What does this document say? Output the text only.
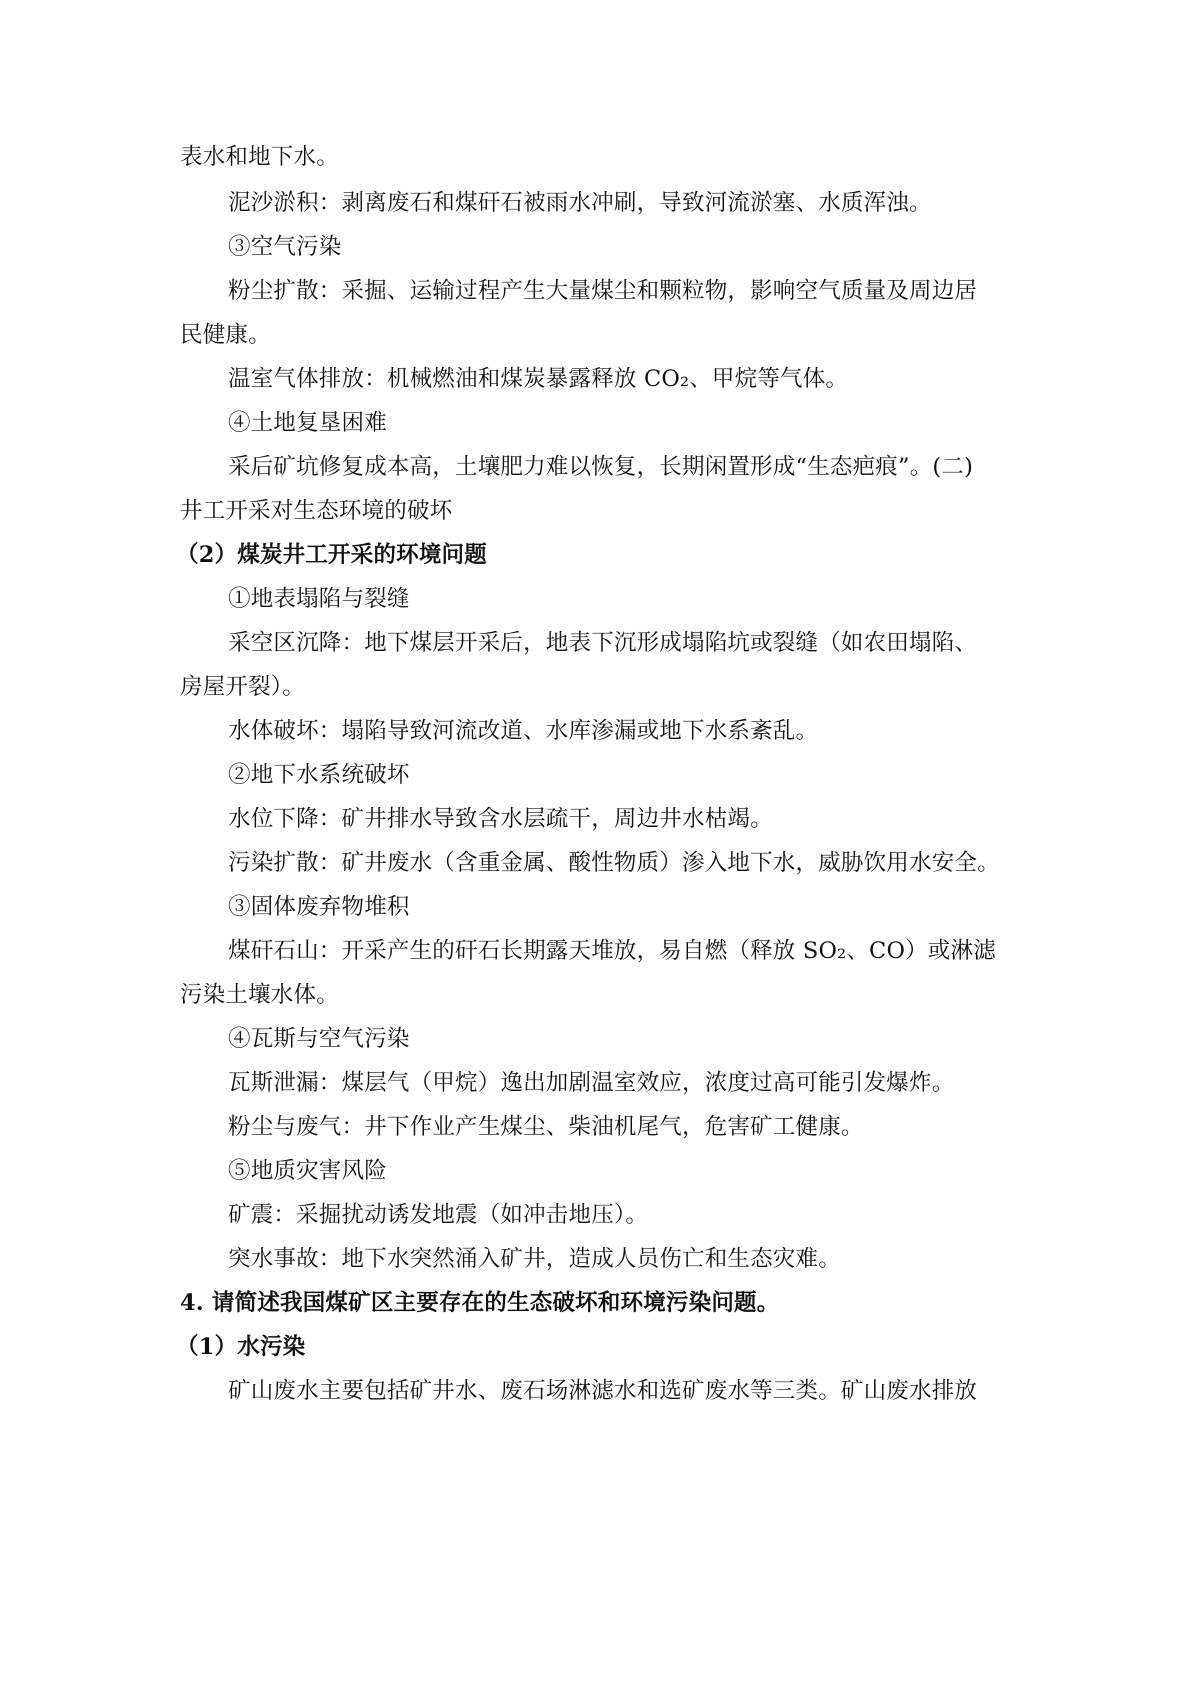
表水和地下水。
泥沙淤积：剥离废石和煤矸石被雨水冲刷，导致河流淤塞、水质浑浊。
③空气污染
粉尘扩散：采掘、运输过程产生大量煤尘和颗粒物，影响空气质量及周边居
民健康。
温室气体排放：机械燃油和煤炭暴露释放 CO₂、甲烷等气体。
④土地复垦困难
采后矿坑修复成本高，土壤肥力难以恢复，长期闲置形成“生态疤痕”。(二)
井工开采对生态环境的破坏
（2）煤炭井工开采的环境问题
①地表塌陷与裂缝
采空区沉降：地下煤层开采后，地表下沉形成塌陷坑或裂缝（如农田塌陷、
房屋开裂）。
水体破坏：塌陷导致河流改道、水库渗漏或地下水系紊乱。
②地下水系统破坏
水位下降：矿井排水导致含水层疏干，周边井水枯竭。
污染扩散：矿井废水（含重金属、酸性物质）渗入地下水，威胁饮用水安全。
③固体废弃物堆积
煤矸石山：开采产生的矸石长期露天堆放，易自燃（释放 SO₂、CO）或淋滤
污染土壤水体。
④瓦斯与空气污染
瓦斯泄漏：煤层气（甲烷）逸出加剧温室效应，浓度过高可能引发爆炸。
粉尘与废气：井下作业产生煤尘、柴油机尾气，危害矿工健康。
⑤地质灾害风险
矿震：采掘扰动诱发地震（如冲击地压）。
突水事故：地下水突然涌入矿井，造成人员伤亡和生态灾难。
4. 请简述我国煤矿区主要存在的生态破坏和环境污染问题。
（1）水污染
矿山废水主要包括矿井水、废石场淋滤水和选矿废水等三类。矿山废水排放
